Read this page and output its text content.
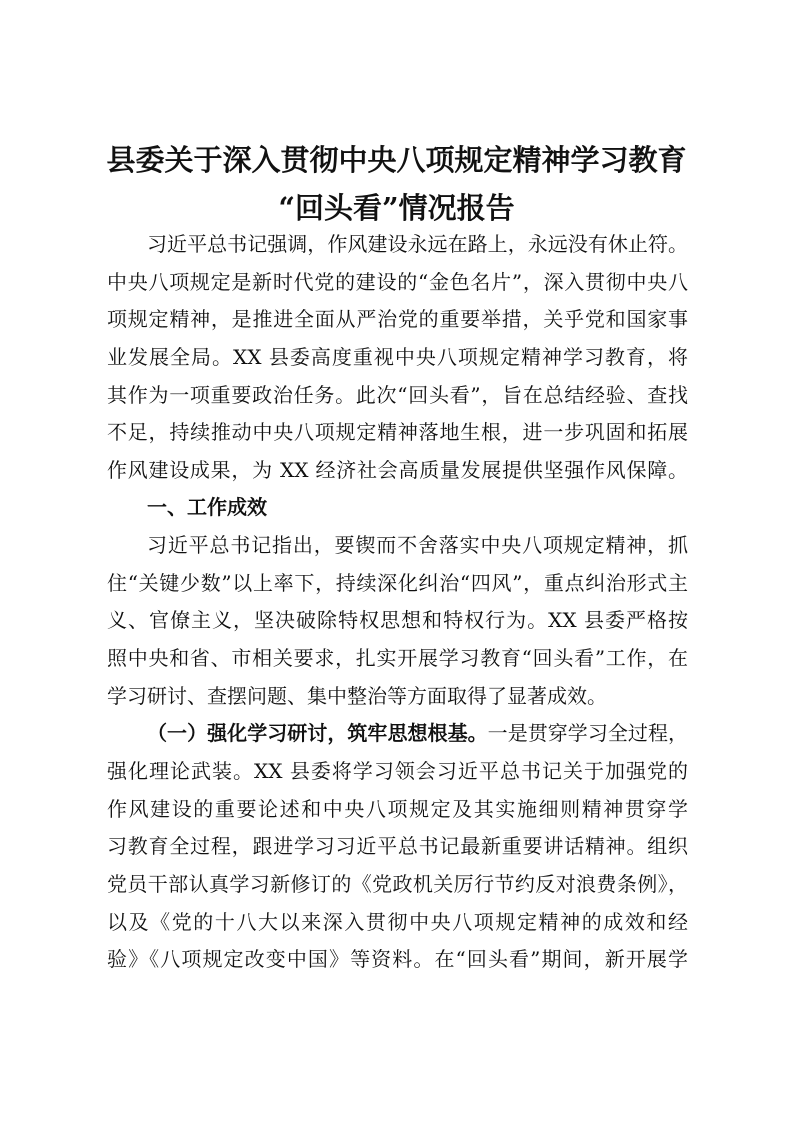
县委关于深入贯彻中央八项规定精神学习教育
“回头看”情况报告
习近平总书记强调，作风建设永远在路上，永远没有休止符。
中央八项规定是新时代党的建设的“金色名片”，深入贯彻中央八
项规定精神，是推进全面从严治党的重要举措，关乎党和国家事
业发展全局。XX 县委高度重视中央八项规定精神学习教育，将
其作为一项重要政治任务。此次“回头看”，旨在总结经验、查找
不足，持续推动中央八项规定精神落地生根，进一步巩固和拓展
作风建设成果，为 XX 经济社会高质量发展提供坚强作风保障。
一、工作成效
习近平总书记指出，要锲而不舍落实中央八项规定精神，抓
住“关键少数”以上率下，持续深化纠治“四风”，重点纠治形式主
义、官僚主义，坚决破除特权思想和特权行为。XX 县委严格按
照中央和省、市相关要求，扎实开展学习教育“回头看”工作，在
学习研讨、查摆问题、集中整治等方面取得了显著成效。
（一）强化学习研讨，筑牢思想根基。一是贯穿学习全过程，
强化理论武装。XX 县委将学习领会习近平总书记关于加强党的
作风建设的重要论述和中央八项规定及其实施细则精神贯穿学
习教育全过程，跟进学习习近平总书记最新重要讲话精神。组织
党员干部认真学习新修订的《党政机关厉行节约反对浪费条例》，
以及《党的十八大以来深入贯彻中央八项规定精神的成效和经
验》《八项规定改变中国》等资料。在“回头看”期间，新开展学
